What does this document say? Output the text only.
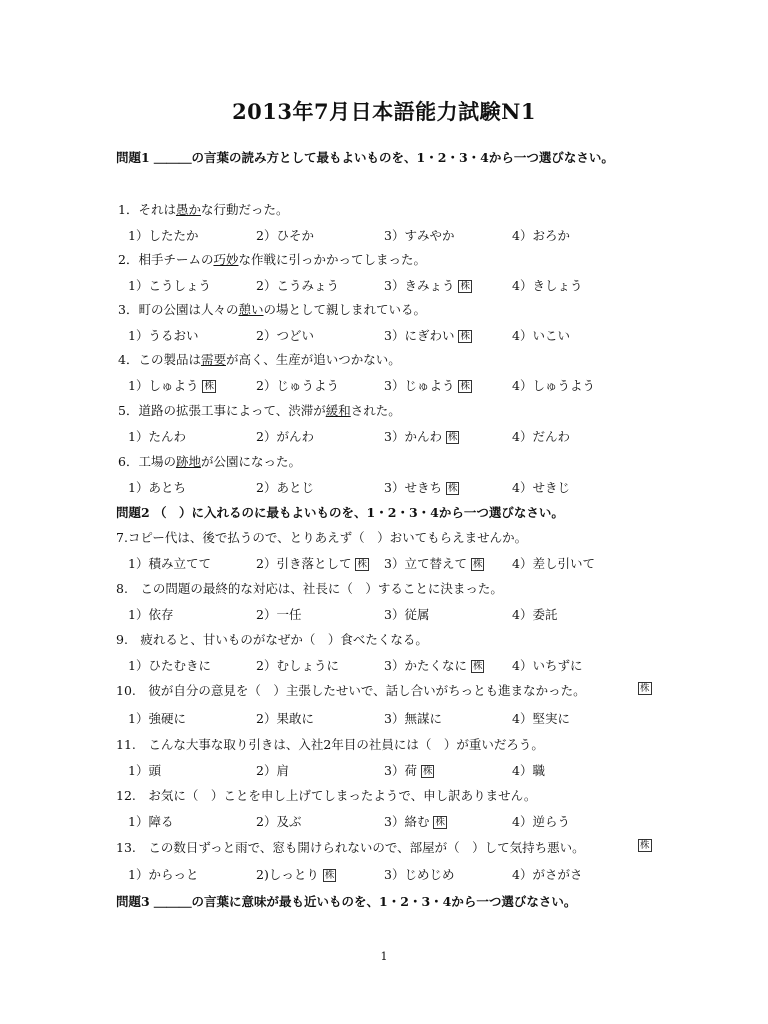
2013年7月日本語能力試験N1
問題1 ＿＿＿の言葉の読み方として最もよいものを、1・2・3・4から一つ選びなさい。
1．それは愚かな行動だった。
1）したたか	2）ひそか	3）すみやか	4）おろか
2．相手チームの巧妙な作戦に引っかかってしまった。
1）こうしょう	2）こうみょう	3）きみょう 株	4）きしょう
3．町の公園は人々の憩いの場として親しまれている。
1）うるおい	2）つどい	3）にぎわい 株	4）いこい
4．この製品は需要が高く、生産が追いつかない。
1）しゅよう 株	2）じゅうよう	3）じゅよう 株	4）しゅうよう
5．道路の拡張工事によって、渋滞が緩和された。
1）たんわ	2）がんわ	3）かんわ 株	4）だんわ
6．工場の跡地が公園になった。
1）あとち	2）あとじ	3）せきち 株	4）せきじ
問題2 （　）に入れるのに最もよいものを、1・2・3・4から一つ選びなさい。
7.コピー代は、後で払うので、とりあえず（　）おいてもらえませんか。
1）積み立てて	2）引き落として 株 3）立て替えて 株 4）差し引いて
8.　この問題の最終的な対応は、社長に（　）することに決まった。
1）依存	2）一任	3）従属	4）委託
9.　疲れると、甘いものがなぜか（　）食べたくなる。
1）ひたむきに	2）むしょうに	3）かたくなに 株 4）いちずに
10.　彼が自分の意見を（　）主張したせいで、話し合いがちっとも進まなかった。	株
1）強硬に	2）果敢に	3）無謀に	4）堅実に
11.　こんな大事な取り引きは、入社2年目の社員には（　）が重いだろう。
1）頭	2）肩	3）荷 株	4）職
12.　お気に（　）ことを申し上げてしまったようで、申し訳ありません。
1）障る	2）及ぶ	3）絡む 株	4）逆らう
13.　この数日ずっと雨で、窓も開けられないので、部屋が（　）して気持ち悪い。	株
1）からっと	2)しっとり 株	3）じめじめ	4）がさがさ
問題3 ＿＿＿の言葉に意味が最も近いものを、1・2・3・4から一つ選びなさい。
1
